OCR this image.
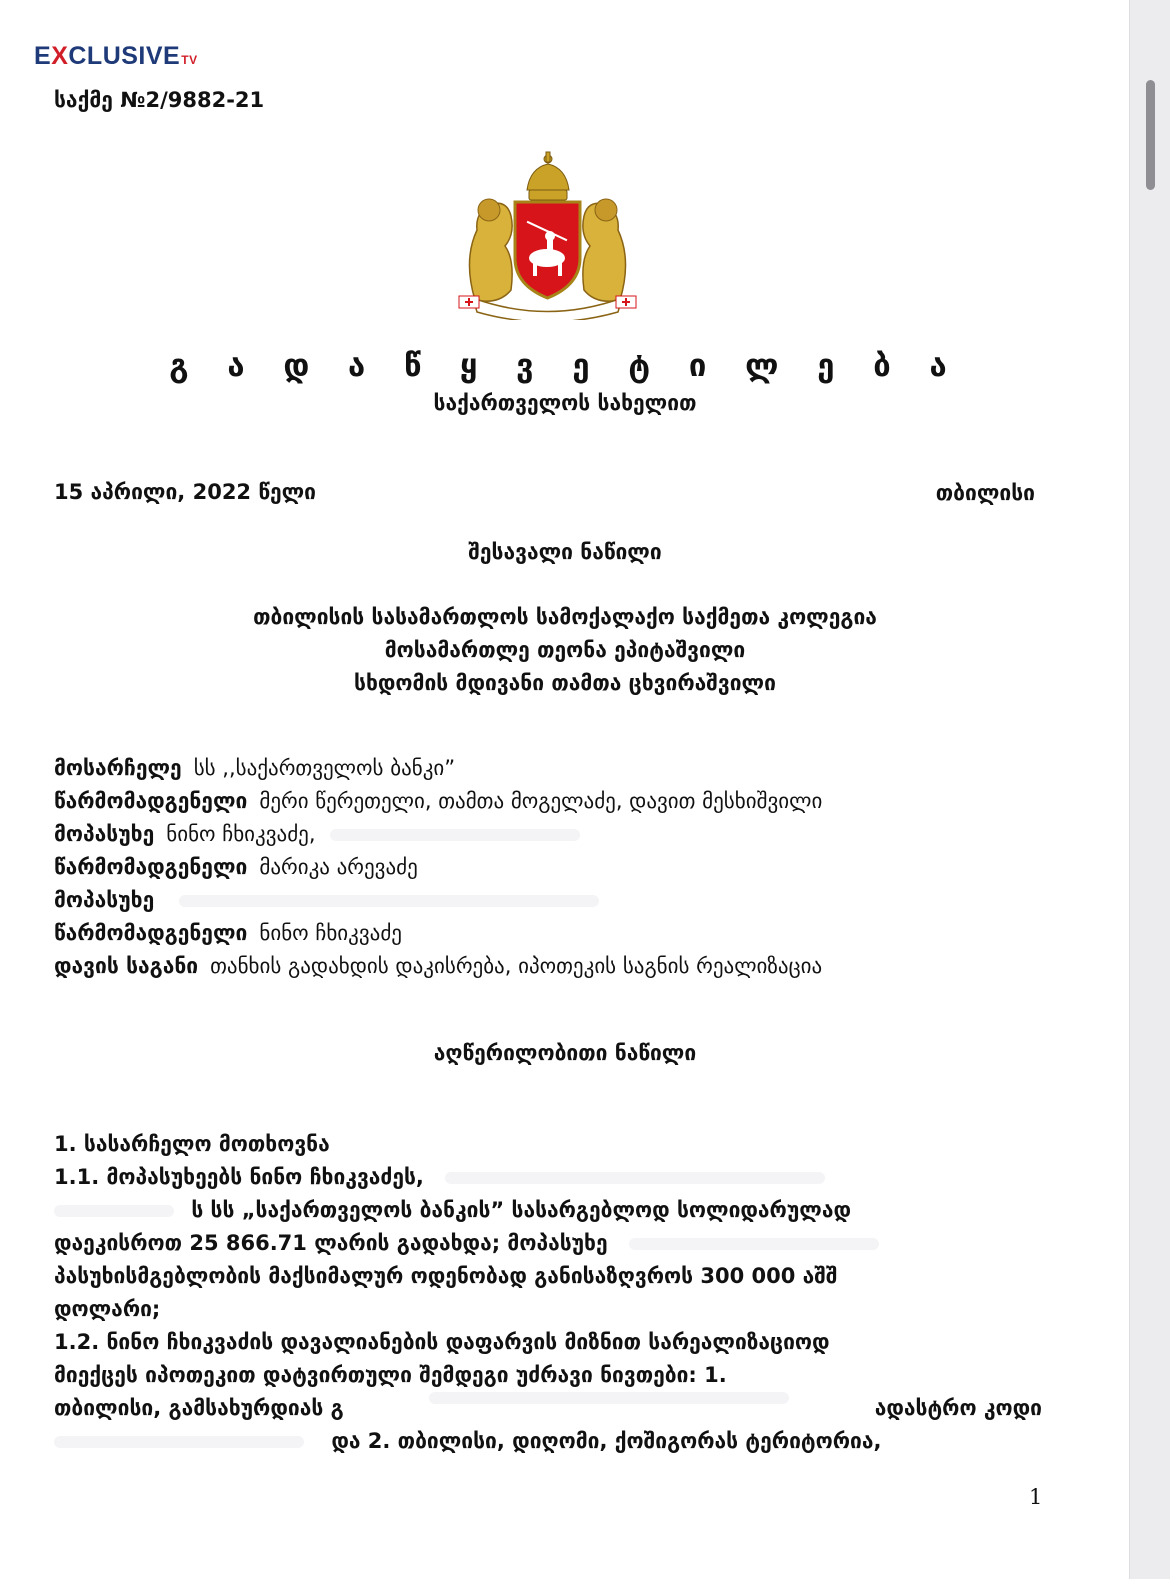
EXCLUSIVETV
საქმე №2/9882-21
გ ა დ ა წ ყ ვ ე ტ ი ლ ე ბ ა
საქართველოს სახელით
15 აპრილი, 2022 წელი	თბილისი
შესავალი ნაწილი
თბილისის სასამართლოს სამოქალაქო საქმეთა კოლეგია
მოსამართლე თეონა ეპიტაშვილი
სხდომის მდივანი თამთა ცხვირაშვილი
მოსარჩელე სს ,,საქართველოს ბანკი”
წარმომადგენელი მერი წერეთელი, თამთა მოგელაძე, დავით მესხიშვილი
მოპასუხე ნინო ჩხიკვაძე,
წარმომადგენელი მარიკა არევაძე
მოპასუხე
წარმომადგენელი ნინო ჩხიკვაძე
დავის საგანი თანხის გადახდის დაკისრება, იპოთეკის საგნის რეალიზაცია
აღწერილობითი ნაწილი
1. სასარჩელო მოთხოვნა
1.1. მოპასუხეებს ნინო ჩხიკვაძეს,
ს სს „საქართველოს ბანკის” სასარგებლოდ სოლიდარულად
დაეკისროთ 25 866.71 ლარის გადახდა; მოპასუხე
პასუხისმგებლობის მაქსიმალურ ოდენობად განისაზღვროს 300 000 აშშ
დოლარი;
1.2. ნინო ჩხიკვაძის დავალიანების დაფარვის მიზნით სარეალიზაციოდ
მიექცეს იპოთეკით დატვირთული შემდეგი უძრავი ნივთები: 1.
თბილისი, გამსახურდიას გ	ადასტრო კოდი
და 2. თბილისი, დიღომი, ქოშიგორას ტერიტორია,
1
